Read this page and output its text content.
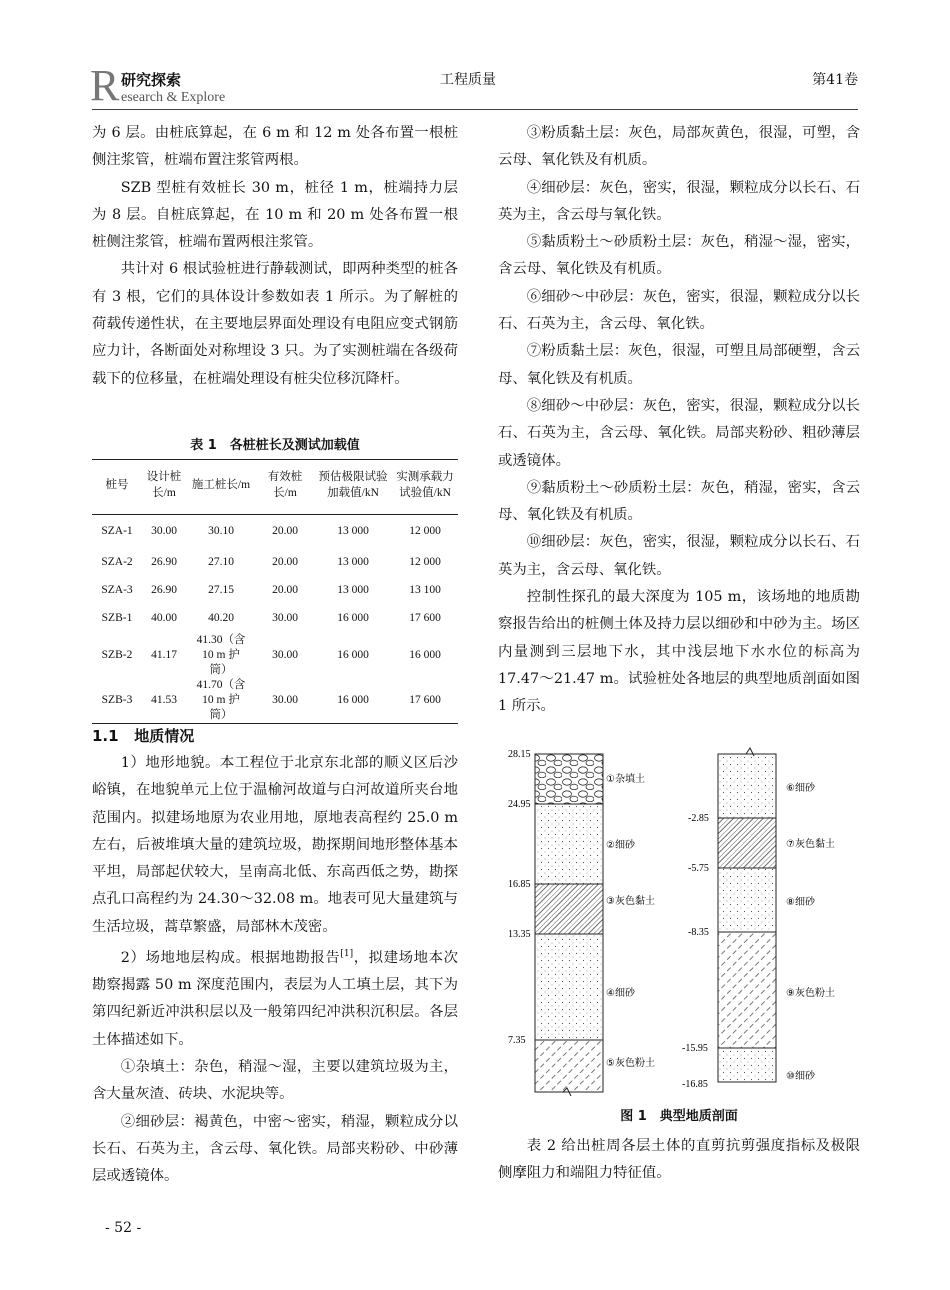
R 研究探索
esearch & Explore
工程质量	第41卷

为 6 层。由桩底算起，在 6 m 和 12 m 处各布置一根桩侧注浆管，桩端布置注浆管两根。

SZB 型桩有效桩长 30 m，桩径 1 m，桩端持力层为 8 层。自桩底算起，在 10 m 和 20 m 处各布置一根桩侧注浆管，桩端布置两根注浆管。

共计对 6 根试验桩进行静载测试，即两种类型的桩各有 3 根，它们的具体设计参数如表 1 所示。为了解桩的荷载传递性状，在主要地层界面处理设有电阻应变式钢筋应力计，各断面处对称埋设 3 只。为了实测桩端在各级荷载下的位移量，在桩端处理设有桩尖位移沉降杆。

表 1　各桩桩长及测试加载值
桩号	设计桩长/m	施工桩长/m	有效桩长/m	预估极限试验加载值/kN	实测承载力试验值/kN
SZA-1	30.00	30.10	20.00	13 000	12 000
SZA-2	26.90	27.10	20.00	13 000	12 000
SZA-3	26.90	27.15	20.00	13 000	13 100
SZB-1	40.00	40.20	30.00	16 000	17 600
SZB-2	41.17	41.30（含10 m 护筒）	30.00	16 000	16 000
SZB-3	41.53	41.70（含10 m 护筒）	30.00	16 000	17 600
1.1 地质情况

1）地形地貌。本工程位于北京东北部的顺义区后沙峪镇，在地貌单元上位于温榆河故道与白河故道所夹台地范围内。拟建场地原为农业用地，原地表高程约 25.0 m 左右，后被堆填大量的建筑垃圾，勘探期间地形整体基本平坦，局部起伏较大，呈南高北低、东高西低之势，勘探点孔口高程约为 24.30～32.08 m。地表可见大量建筑与生活垃圾，蒿草繁盛，局部林木茂密。

2）场地地层构成。根据地勘报告[1]，拟建场地本次勘察揭露 50 m 深度范围内，表层为人工填土层，其下为第四纪新近冲洪积层以及一般第四纪冲洪积沉积层。各层土体描述如下。

①杂填土：杂色，稍湿～湿，主要以建筑垃圾为主，含大量灰渣、砖块、水泥块等。

②细砂层：褐黄色，中密～密实，稍湿，颗粒成分以长石、石英为主，含云母、氧化铁。局部夹粉砂、中砂薄层或透镜体。

③粉质黏土层：灰色，局部灰黄色，很湿，可塑，含云母、氧化铁及有机质。

④细砂层：灰色，密实，很湿，颗粒成分以长石、石英为主，含云母与氧化铁。

⑤黏质粉土～砂质粉土层：灰色，稍湿～湿，密实，含云母、氧化铁及有机质。

⑥细砂～中砂层：灰色，密实，很湿，颗粒成分以长石、石英为主，含云母、氧化铁。

⑦粉质黏土层：灰色，很湿，可塑且局部硬塑，含云母、氧化铁及有机质。

⑧细砂～中砂层：灰色，密实，很湿，颗粒成分以长石、石英为主，含云母、氧化铁。局部夹粉砂、粗砂薄层或透镜体。

⑨黏质粉土～砂质粉土层：灰色，稍湿，密实，含云母、氧化铁及有机质。

⑩细砂层：灰色，密实，很湿，颗粒成分以长石、石英为主，含云母、氧化铁。

控制性探孔的最大深度为 105 m，该场地的地质勘察报告给出的桩侧土体及持力层以细砂和中砂为主。场区内量测到三层地下水，其中浅层地下水水位的标高为17.47～21.47 m。试验桩处各地层的典型地质剖面如图 1 所示。

28.15
24.95
16.85
13.35
7.35
①杂填土
②细砂
③灰色黏土
④细砂
⑤灰色粉土
-2.85
-5.75
-8.35
-15.95
-16.85
⑥细砂
⑦灰色黏土
⑧细砂
⑨灰色粉土
⑩细砂
图 1　典型地质剖面

表 2 给出桩周各层土体的直剪抗剪强度指标及极限侧摩阻力和端阻力特征值。

- 52 -
